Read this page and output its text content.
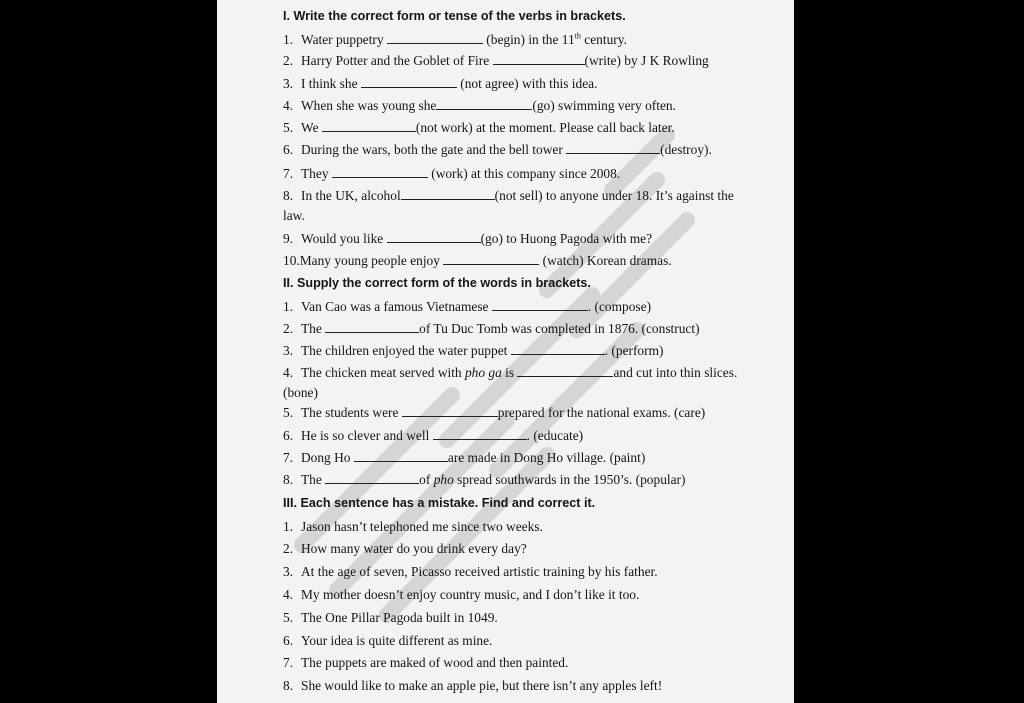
I. Write the correct form or tense of the verbs in brackets.
1. Water puppetry	(begin) in the 11th century.
2. Harry Potter and the Goblet of Fire	(write) by J K Rowling
3. I think she	(not agree) with this idea.
4. When she was young she	(go) swimming very often.
5. We	(not work) at the moment. Please call back later.
6. During the wars, both the gate and the bell tower	(destroy).
7. They	(work) at this company since 2008.
8. In the UK, alcohol	(not sell) to anyone under 18. It’s against the
law.
9. Would you like	(go) to Huong Pagoda with me?
10.Many young people enjoy	(watch) Korean dramas.
II. Supply the correct form of the words in brackets.
1. Van Cao was a famous Vietnamese	. (compose)
2. The	of Tu Duc Tomb was completed in 1876. (construct)
3. The children enjoyed the water puppet	. (perform)
4. The chicken meat served with pho ga is	and cut into thin slices.
(bone)
5. The students were	prepared for the national exams. (care)
6. He is so clever and well	. (educate)
7. Dong Ho	are made in Dong Ho village. (paint)
8. The	of pho spread southwards in the 1950’s. (popular)
III. Each sentence has a mistake. Find and correct it.
1. Jason hasn’t telephoned me since two weeks.
2. How many water do you drink every day?
3. At the age of seven, Picasso received artistic training by his father.
4. My mother doesn’t enjoy country music, and I don’t like it too.
5. The One Pillar Pagoda built in 1049.
6. Your idea is quite different as mine.
7. The puppets are maked of wood and then painted.
8. She would like to make an apple pie, but there isn’t any apples left!
